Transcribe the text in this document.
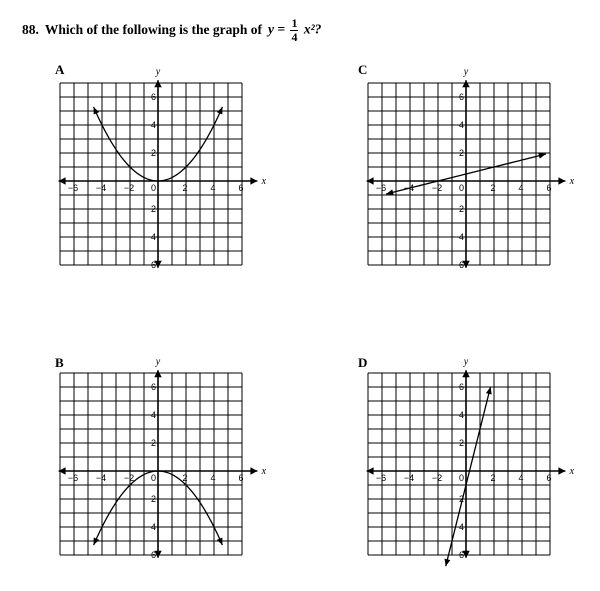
88. Which of the following is the graph of $y = \frac{1}{4} x^2$?
A
−6 −4 −2	2	4	6
6
4
2
−2
−4
−6
0
x
y	C
−6 −4 −2	2	4	6
6
4
2
−2
−4
−6
0
x
y
B
−6 −4 −2	2	4	6
6
4
2
−2
−4
−6
0
x
y	D
−6 −4 −2	2	4	6
6
4
2
−2
−4
−6
0
x
y
